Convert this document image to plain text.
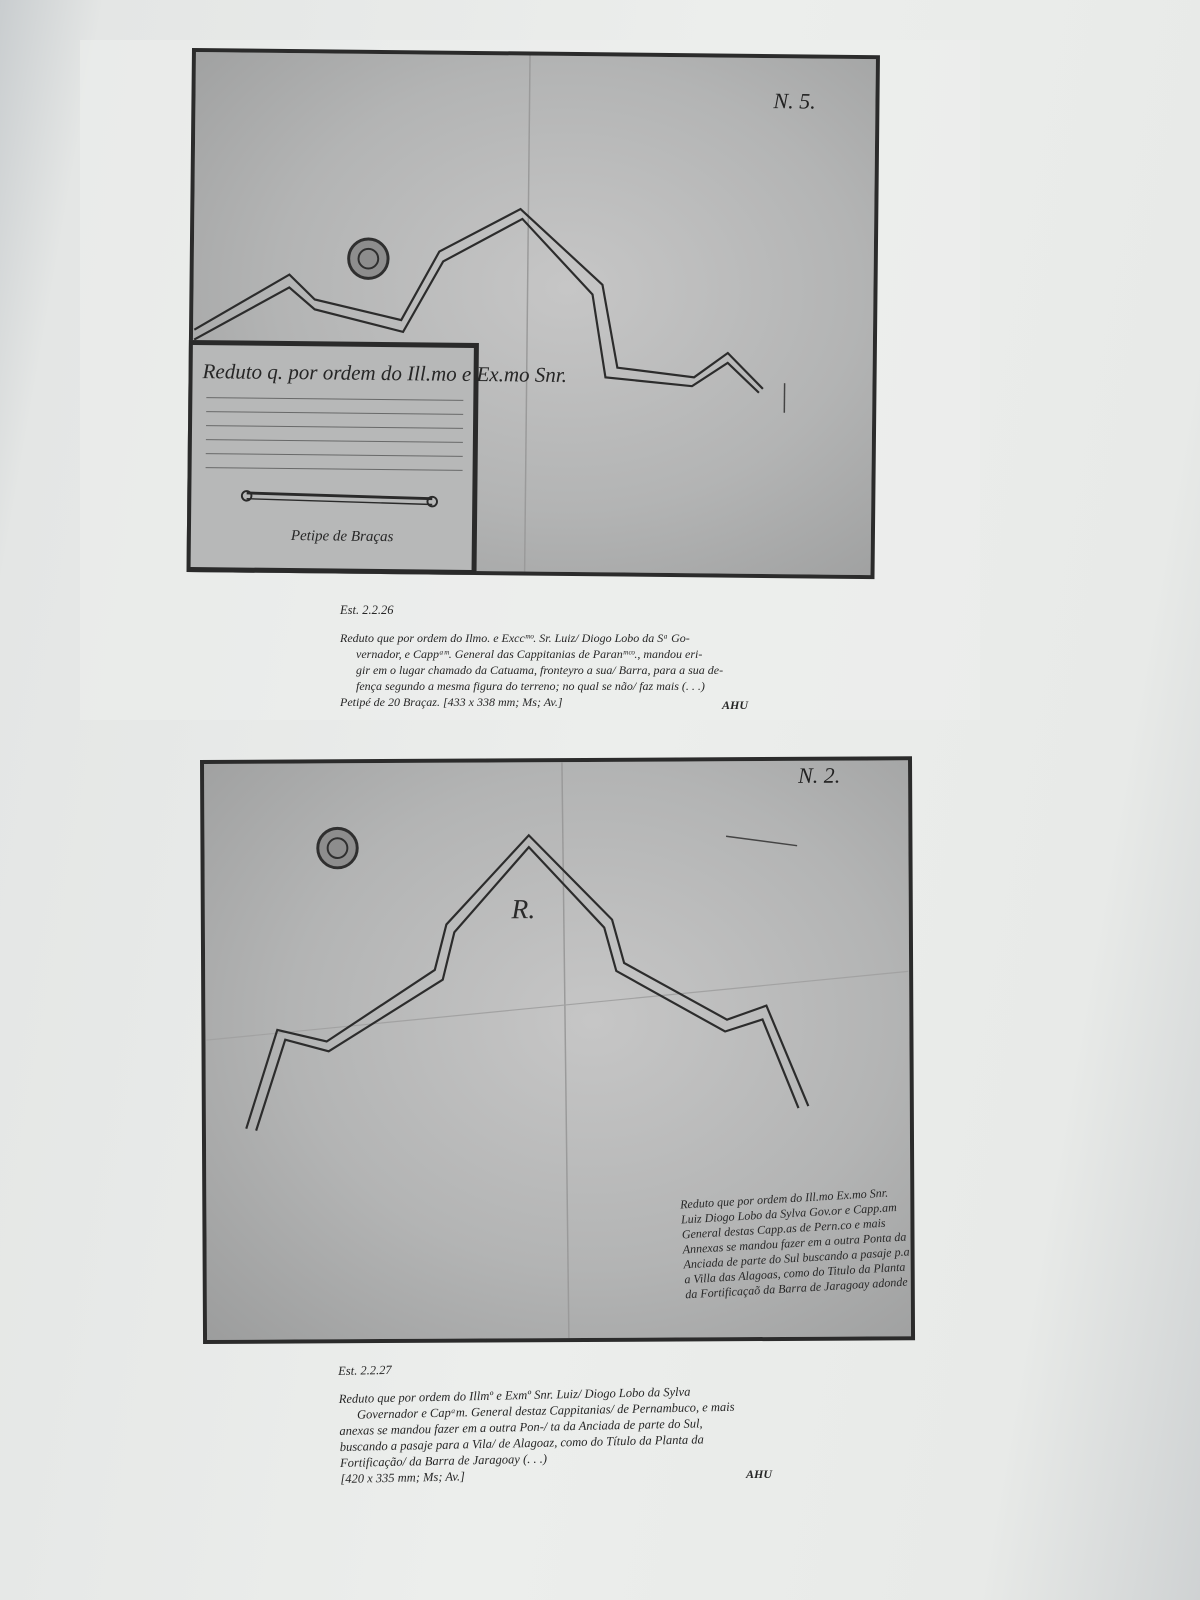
N. 5.
Reduto q. por ordem do Ill.mo e Ex.mo Snr.
Petipe de Braças
Est. 2.2.26
Reduto que por ordem do Ilmo. e Exccᵐᵒ. Sr. Luiz/ Diogo Lobo da Sᵃ Go-
vernador, e Cappᵃᵐ. General das Cappitanias de Paranᵐᶜᵒ., mandou eri-
gir em o lugar chamado da Catuama, fronteyro a sua/ Barra, para a sua de-
fença segundo a mesma figura do terreno; no qual se não/ faz mais (. . .)
Petipé de 20 Braçaz. [433 x 338 mm; Ms; Av.]	AHU
R.
N. 2.
Reduto que por ordem do Ill.mo Ex.mo Snr. Luiz Diogo Lobo da Sylva Gov.or e Capp.am General destas Capp.as de Pern.co e mais Annexas se mandou fazer em a outra Ponta da Anciada de parte do Sul buscando a pasaje p.a a Villa das Alagoas, como do Titulo da Planta da Fortificaçaõ da Barra de Jaragoay adonde
Est. 2.2.27
Reduto que por ordem do Illmº e Exmº Snr. Luiz/ Diogo Lobo da Sylva
Governador e Capᵃm. General destaz Cappitanias/ de Pernambuco, e mais
anexas se mandou fazer em a outra Pon-/ ta da Anciada de parte do Sul,
buscando a pasaje para a Vila/ de Alagoaz, como do Título da Planta da
Fortificação/ da Barra de Jaragoay (. . .)
[420 x 335 mm; Ms; Av.]	AHU
